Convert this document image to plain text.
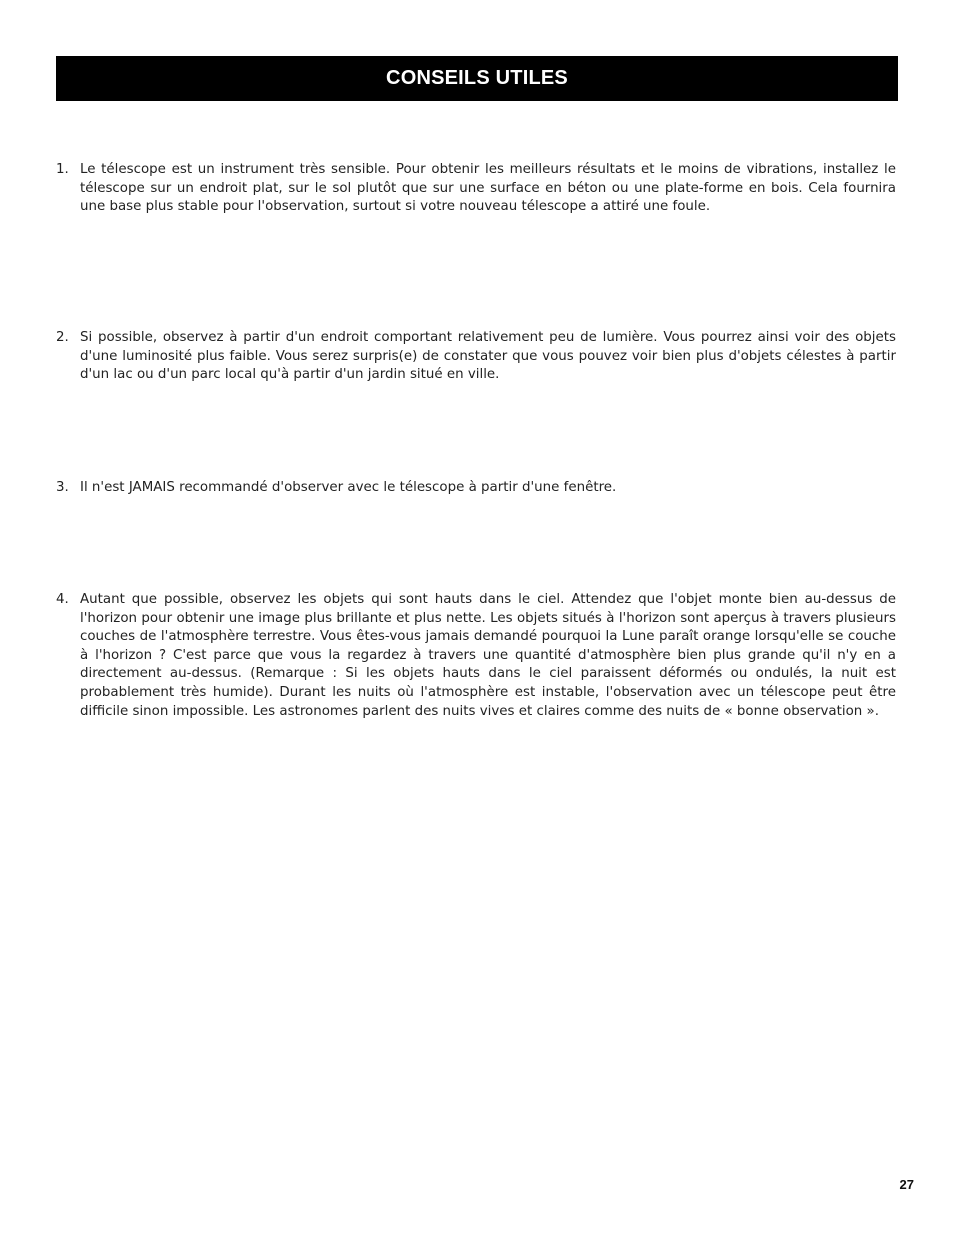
CONSEILS UTILES
1. Le télescope est un instrument très sensible. Pour obtenir les meilleurs résultats et le moins de vibrations, installez le télescope sur un endroit plat, sur le sol plutôt que sur une surface en béton ou une plate-forme en bois. Cela fournira une base plus stable pour l'observation, surtout si votre nouveau télescope a attiré une foule.
2. Si possible, observez à partir d'un endroit comportant relativement peu de lumière. Vous pourrez ainsi voir des objets d'une luminosité plus faible. Vous serez surpris(e) de constater que vous pouvez voir bien plus d'objets célestes à partir d'un lac ou d'un parc local qu'à partir d'un jardin situé en ville.
3. Il n'est JAMAIS recommandé d'observer avec le télescope à partir d'une fenêtre.
4. Autant que possible, observez les objets qui sont hauts dans le ciel. Attendez que l'objet monte bien au-dessus de l'horizon pour obtenir une image plus brillante et plus nette. Les objets situés à l'horizon sont aperçus à travers plusieurs couches de l'atmosphère terrestre. Vous êtes-vous jamais demandé pourquoi la Lune paraît orange lorsqu'elle se couche à l'horizon ? C'est parce que vous la regardez à travers une quantité d'atmosphère bien plus grande qu'il n'y en a directement au-dessus. (Remarque : Si les objets hauts dans le ciel paraissent déformés ou ondulés, la nuit est probablement très humide). Durant les nuits où l'atmosphère est instable, l'observation avec un télescope peut être difficile sinon impossible. Les astronomes parlent des nuits vives et claires comme des nuits de « bonne observation ».
27
